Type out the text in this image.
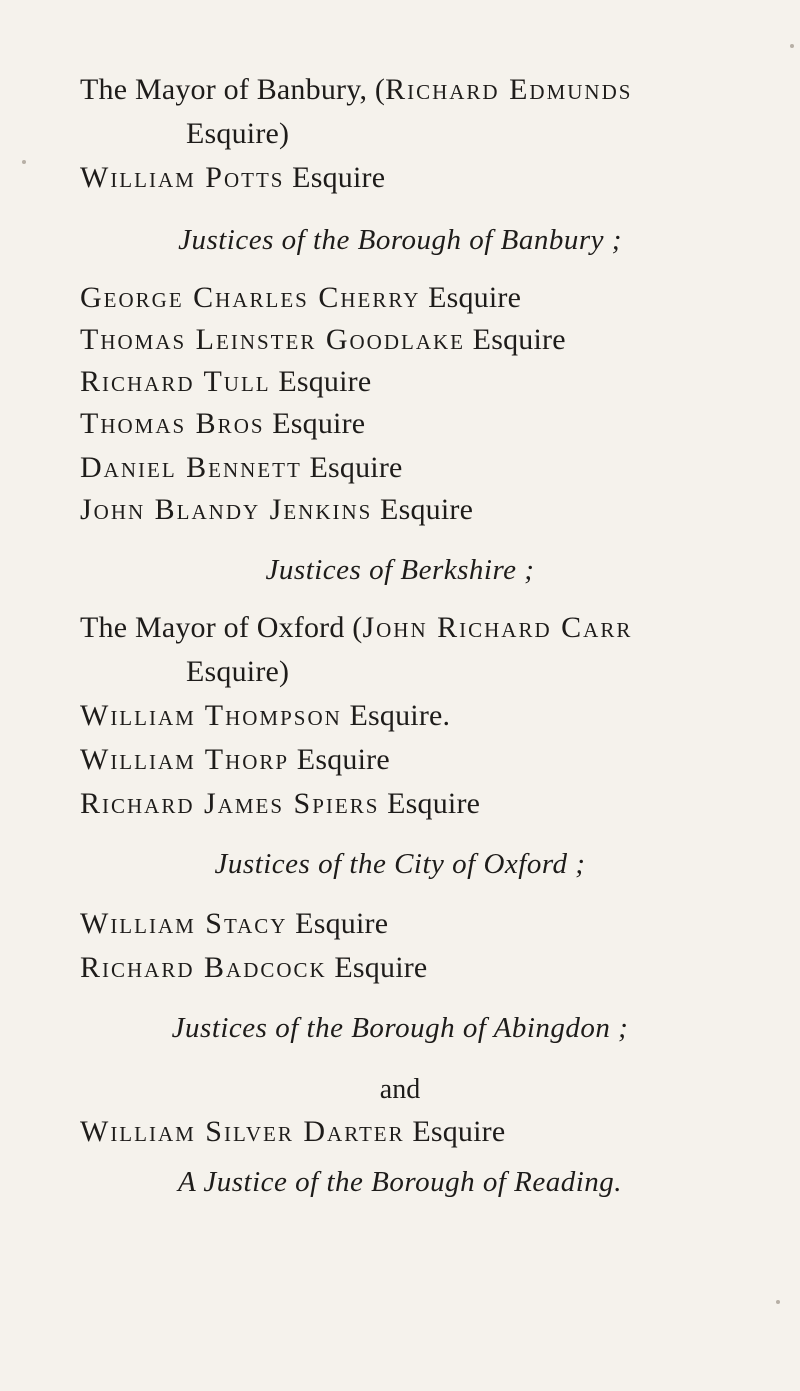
The Mayor of Banbury, (Richard Edmunds
Esquire)
William Potts Esquire
Justices of the Borough of Banbury ;
George Charles Cherry Esquire
Thomas Leinster Goodlake Esquire
Richard Tull Esquire
Thomas Bros Esquire
Daniel Bennett Esquire
John Blandy Jenkins Esquire
Justices of Berkshire ;
The Mayor of Oxford (John Richard Carr
Esquire)
William Thompson Esquire.
William Thorp Esquire
Richard James Spiers Esquire
Justices of the City of Oxford ;
William Stacy Esquire
Richard Badcock Esquire
Justices of the Borough of Abingdon ;
and
William Silver Darter Esquire
A Justice of the Borough of Reading.
